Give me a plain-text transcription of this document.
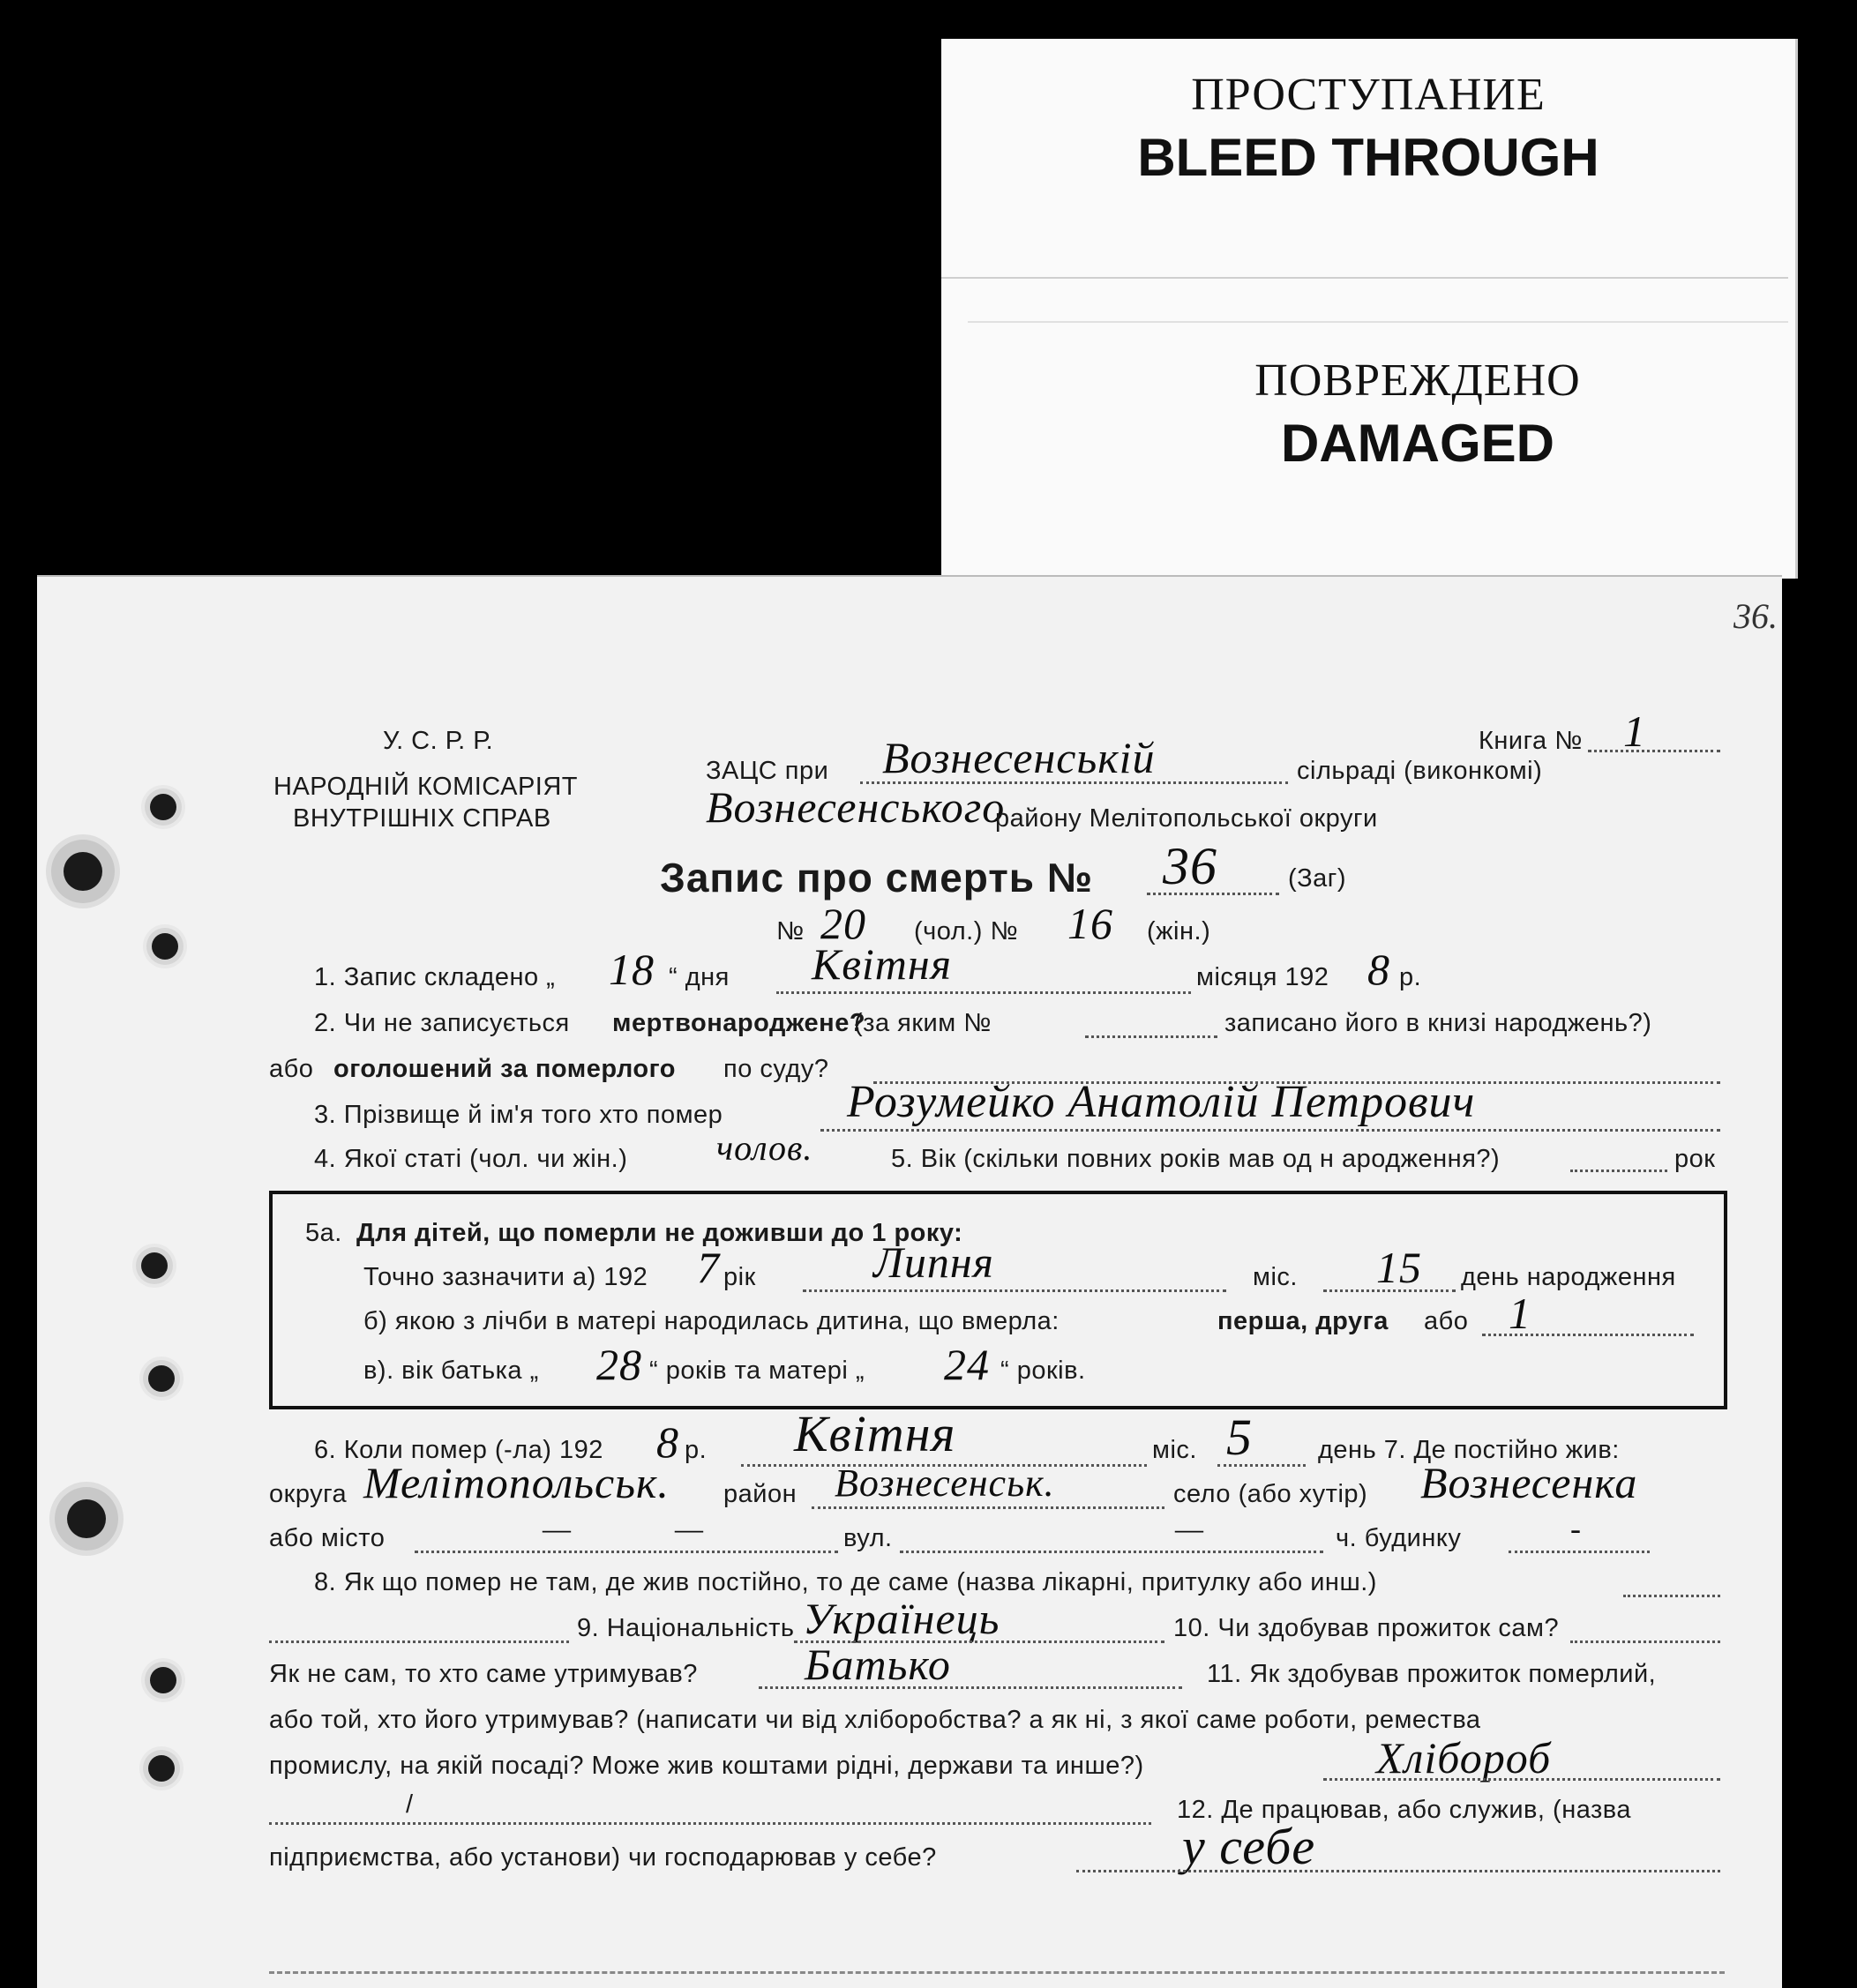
ПРОСТУПАНИЕ
BLEED THROUGH
ПОВРЕЖДЕНО
DAMAGED
36.
У. С. Р. Р.
НАРОДНІЙ КОМІСАРІЯТ
ВНУТРІШНІХ СПРАВ
Книга № 1
ЗАЦС при Вознесенській	сільраді (виконкомі)
Вознесенського
району Мелітопольської округи
Запис про смерть № 36	(Заг)
№ 20 (чол.) № 16 (жін.)
1. Запис складено „ 18 “ дня Квітня	місяця 192 8 р.
2. Чи не записується мертвонароджене?
(за яким №	записано його в книзі народжень?)
або оголошений за померлого по суду?
3. Прізвище й ім'я того хто помер	Розумейко Анатолій Петрович
4. Якої статі (чол. чи жін.)	чолов.	5. Вік (скільки повних років мав од н ародження?)	рок
5а. Для дітей, що померли не доживши до 1 року:
Точно зазначити а) 192 7 рік	Липня	міс. 15 день народження
б) якою з лічби в матері народилась дитина, що вмерла:	перша, друга або 1
в). вік батька „ 28 “ років та матері „ 24 “ років.
6. Коли помер (-ла) 192 8 р. Квітня	міс. 5	день 7. Де постійно жив:
округа Мелітопольськ. район Вознесенськ.	село (або хутір) Вознесенка
або місто	—	—	вул.	—	ч. будинку	-
8. Як що помер не там, де жив постійно, то де саме (назва лікарні, притулку або инш.)
9. Національність Українець	10. Чи здобував прожиток сам?
Як не сам, то хто саме утримував? Батько	11. Як здобував прожиток померлий,
або той, хто його утримував? (написати чи від хліборобства? а як ні, з якої саме роботи, ремества
промислу, на якій посаді? Може жив коштами рідні, держави та инше?)	Хлібороб
/	12. Де працював, або служив, (назва
підприємства, або установи) чи господарював у себе?	у себе
